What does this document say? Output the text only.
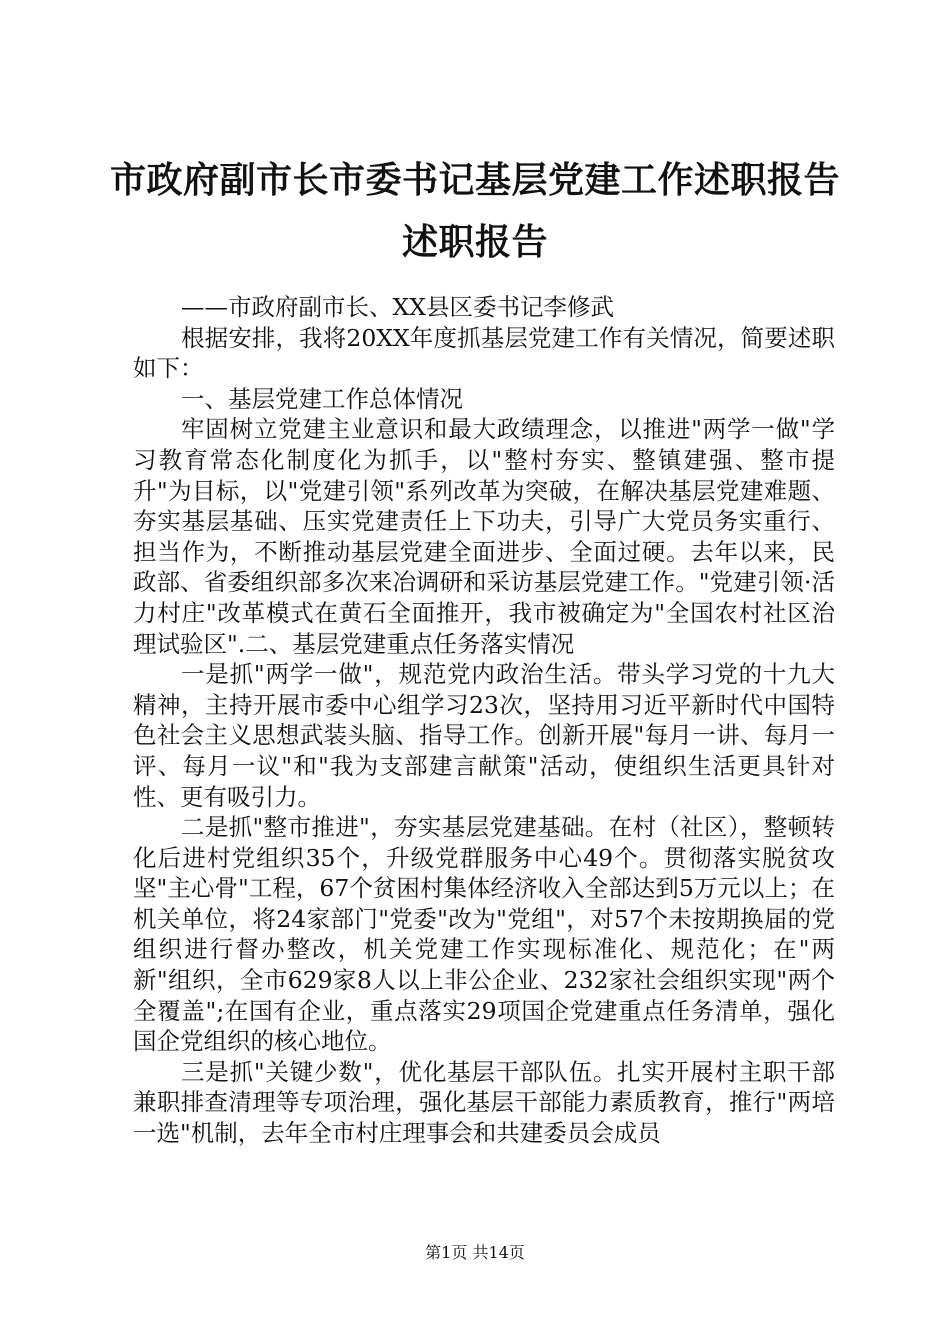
市政府副市长市委书记基层党建工作述职报告
述职报告

——市政府副市长、XX县区委书记李修武

根据安排，我将20XX年度抓基层党建工作有关情况，简要述职如下：

一、基层党建工作总体情况

牢固树立党建主业意识和最大政绩理念，以推进"两学一做"学习教育常态化制度化为抓手，以"整村夯实、整镇建强、整市提升"为目标，以"党建引领"系列改革为突破，在解决基层党建难题、夯实基层基础、压实党建责任上下功夫，引导广大党员务实重行、担当作为，不断推动基层党建全面进步、全面过硬。去年以来，民政部、省委组织部多次来冶调研和采访基层党建工作。"党建引领·活力村庄"改革模式在黄石全面推开，我市被确定为"全国农村社区治理试验区".二、基层党建重点任务落实情况

一是抓"两学一做"，规范党内政治生活。带头学习党的十九大精神，主持开展市委中心组学习23次，坚持用习近平新时代中国特色社会主义思想武装头脑、指导工作。创新开展"每月一讲、每月一评、每月一议"和"我为支部建言献策"活动，使组织生活更具针对性、更有吸引力。

二是抓"整市推进"，夯实基层党建基础。在村（社区），整顿转化后进村党组织35个，升级党群服务中心49个。贯彻落实脱贫攻坚"主心骨"工程，67个贫困村集体经济收入全部达到5万元以上；在机关单位，将24家部门"党委"改为"党组"，对57个未按期换届的党组织进行督办整改，机关党建工作实现标准化、规范化；在"两新"组织，全市629家8人以上非公企业、232家社会组织实现"两个全覆盖";在国有企业，重点落实29项国企党建重点任务清单，强化国企党组织的核心地位。

三是抓"关键少数"，优化基层干部队伍。扎实开展村主职干部兼职排查清理等专项治理，强化基层干部能力素质教育，推行"两培一选"机制，去年全市村庄理事会和共建委员会成员

第1页 共14页
